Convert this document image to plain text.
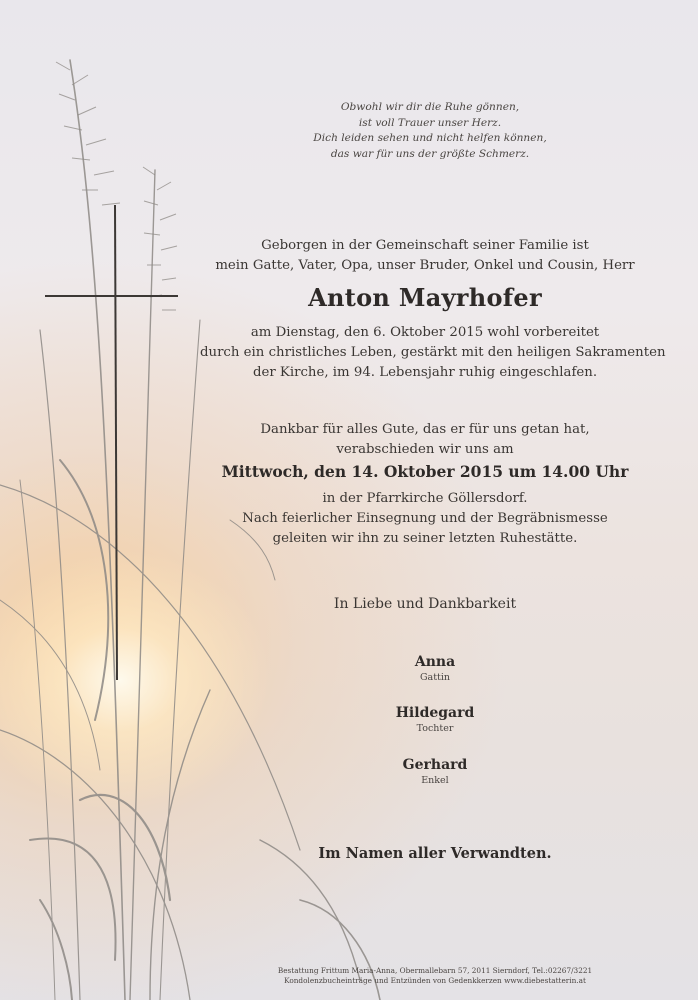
Obwohl wir dir die Ruhe gönnen,
ist voll Trauer unser Herz.
Dich leiden sehen und nicht helfen können,
das war für uns der größte Schmerz.
Geborgen in der Gemeinschaft seiner Familie ist
mein Gatte, Vater, Opa, unser Bruder, Onkel und Cousin, Herr
Anton Mayrhofer
am Dienstag, den 6. Oktober 2015 wohl vorbereitet
durch ein christliches Leben, gestärkt mit den heiligen Sakramenten
der Kirche, im 94. Lebensjahr ruhig eingeschlafen.
Dankbar für alles Gute, das er für uns getan hat,
verabschieden wir uns am
Mittwoch, den 14. Oktober 2015 um 14.00 Uhr
in der Pfarrkirche Göllersdorf.
Nach feierlicher Einsegnung und der Begräbnismesse
geleiten wir ihn zu seiner letzten Ruhestätte.
In Liebe und Dankbarkeit
Anna
Gattin
Hildegard
Tochter
Gerhard
Enkel
Im Namen aller Verwandten.
Bestattung Frittum Maria-Anna, Obermallebarn 57, 2011 Sierndorf, Tel.:02267/3221
Kondolenzbucheinträge und Entzünden von Gedenkkerzen www.diebestatterin.at
